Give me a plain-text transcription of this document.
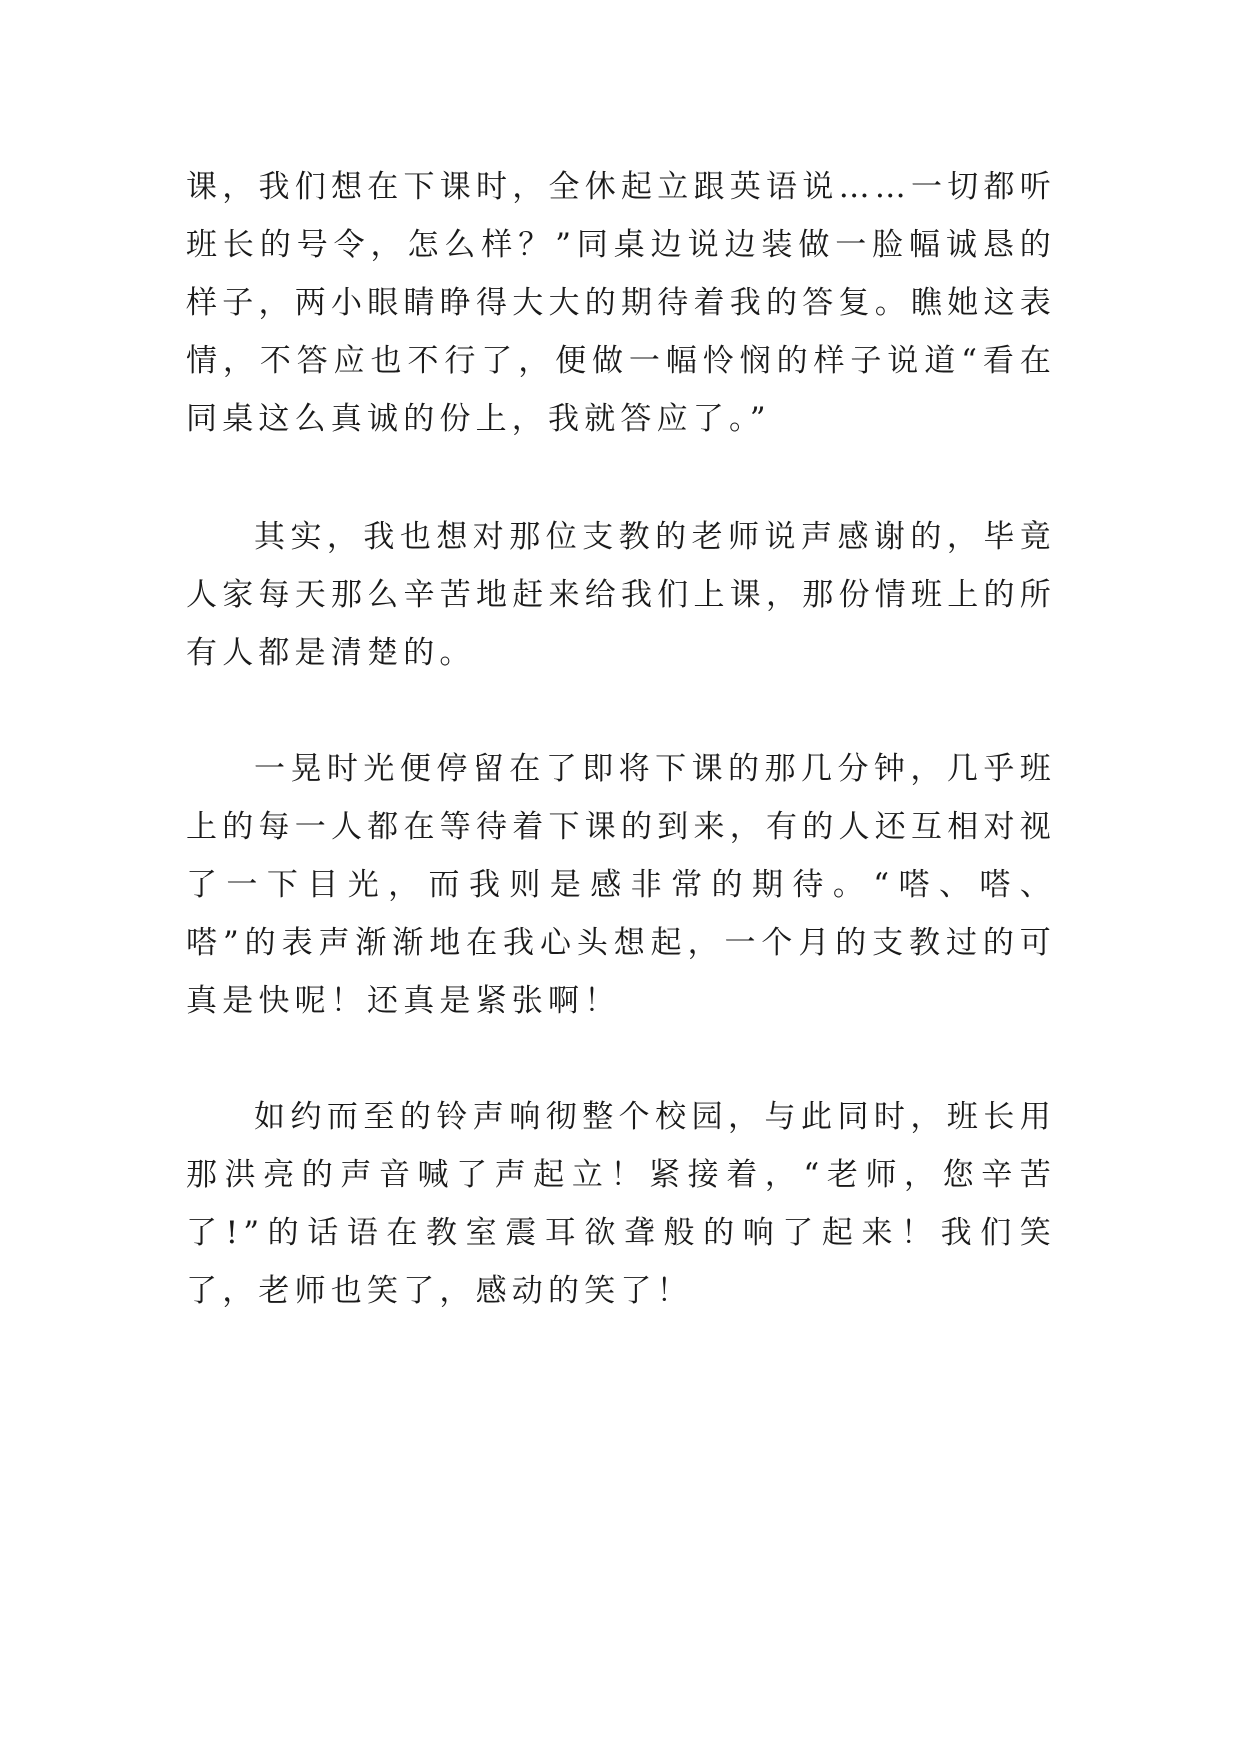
课，我们想在下课时，全休起立跟英语说……一切都听班长的号令，怎么样？”同桌边说边装做一脸幅诚恳的样子，两小眼睛睁得大大的期待着我的答复。瞧她这表情，不答应也不行了，便做一幅怜悯的样子说道“看在同桌这么真诚的份上，我就答应了。”

其实，我也想对那位支教的老师说声感谢的，毕竟人家每天那么辛苦地赶来给我们上课，那份情班上的所有人都是清楚的。

一晃时光便停留在了即将下课的那几分钟，几乎班上的每一人都在等待着下课的到来，有的人还互相对视了一下目光，而我则是感非常的期待。“嗒、嗒、嗒”的表声渐渐地在我心头想起，一个月的支教过的可真是快呢！还真是紧张啊！

如约而至的铃声响彻整个校园，与此同时，班长用那洪亮的声音喊了声起立！紧接着，“老师，您辛苦了!”的话语在教室震耳欲聋般的响了起来！我们笑了，老师也笑了，感动的笑了！
